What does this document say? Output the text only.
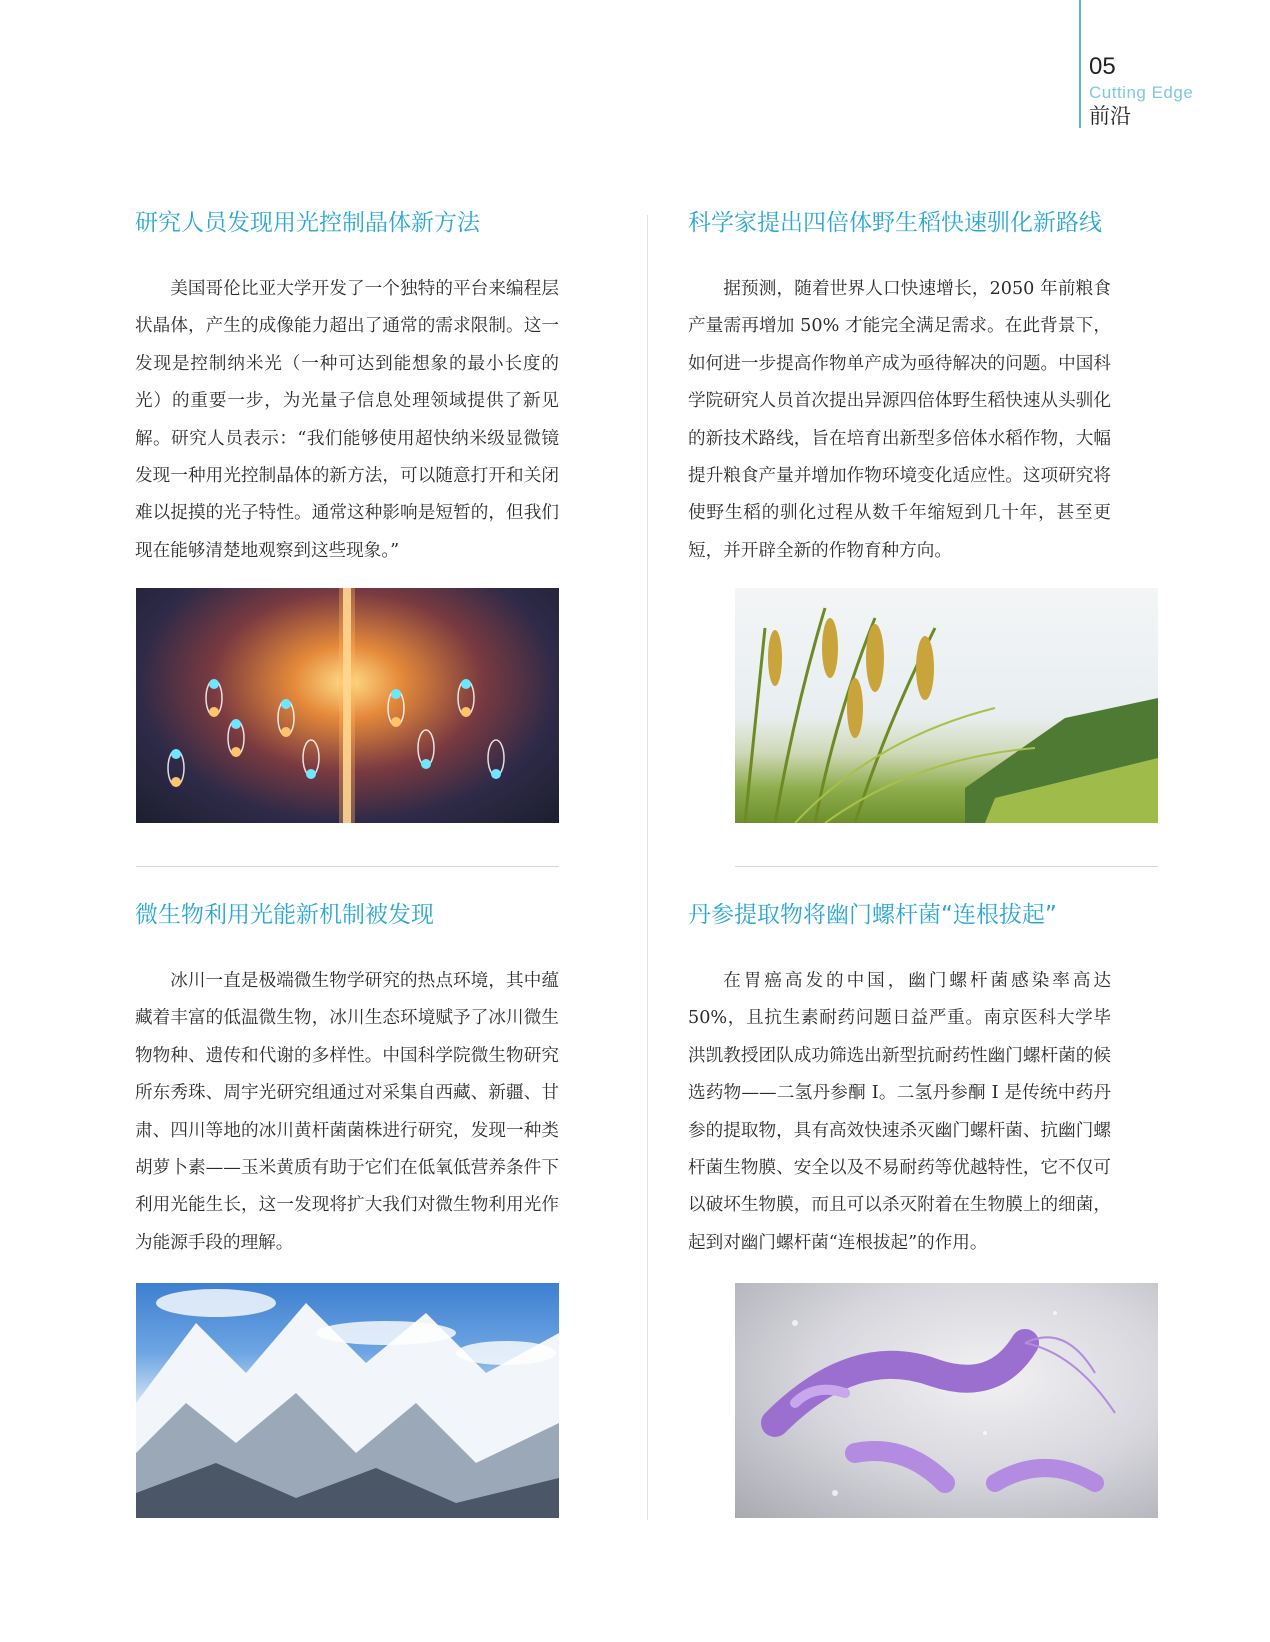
05
Cutting Edge
前沿
研究人员发现用光控制晶体新方法

美国哥伦比亚大学开发了一个独特的平台来编程层状晶体，产生的成像能力超出了通常的需求限制。这一发现是控制纳米光（一种可达到能想象的最小长度的光）的重要一步，为光量子信息处理领域提供了新见解。研究人员表示：“我们能够使用超快纳米级显微镜发现一种用光控制晶体的新方法，可以随意打开和关闭难以捉摸的光子特性。通常这种影响是短暂的，但我们现在能够清楚地观察到这些现象。”

科学家提出四倍体野生稻快速驯化新路线

据预测，随着世界人口快速增长，2050 年前粮食产量需再增加 50% 才能完全满足需求。在此背景下，如何进一步提高作物单产成为亟待解决的问题。中国科学院研究人员首次提出异源四倍体野生稻快速从头驯化的新技术路线，旨在培育出新型多倍体水稻作物，大幅提升粮食产量并增加作物环境变化适应性。这项研究将使野生稻的驯化过程从数千年缩短到几十年，甚至更短，并开辟全新的作物育种方向。

微生物利用光能新机制被发现

冰川一直是极端微生物学研究的热点环境，其中蕴藏着丰富的低温微生物，冰川生态环境赋予了冰川微生物物种、遗传和代谢的多样性。中国科学院微生物研究所东秀珠、周宇光研究组通过对采集自西藏、新疆、甘肃、四川等地的冰川黄杆菌菌株进行研究，发现一种类胡萝卜素——玉米黄质有助于它们在低氧低营养条件下利用光能生长，这一发现将扩大我们对微生物利用光作为能源手段的理解。

丹参提取物将幽门螺杆菌“连根拔起”

在胃癌高发的中国，幽门螺杆菌感染率高达 50%，且抗生素耐药问题日益严重。南京医科大学毕洪凯教授团队成功筛选出新型抗耐药性幽门螺杆菌的候选药物——二氢丹参酮 I。二氢丹参酮 I 是传统中药丹参的提取物，具有高效快速杀灭幽门螺杆菌、抗幽门螺杆菌生物膜、安全以及不易耐药等优越特性，它不仅可以破坏生物膜，而且可以杀灭附着在生物膜上的细菌，起到对幽门螺杆菌“连根拔起”的作用。
